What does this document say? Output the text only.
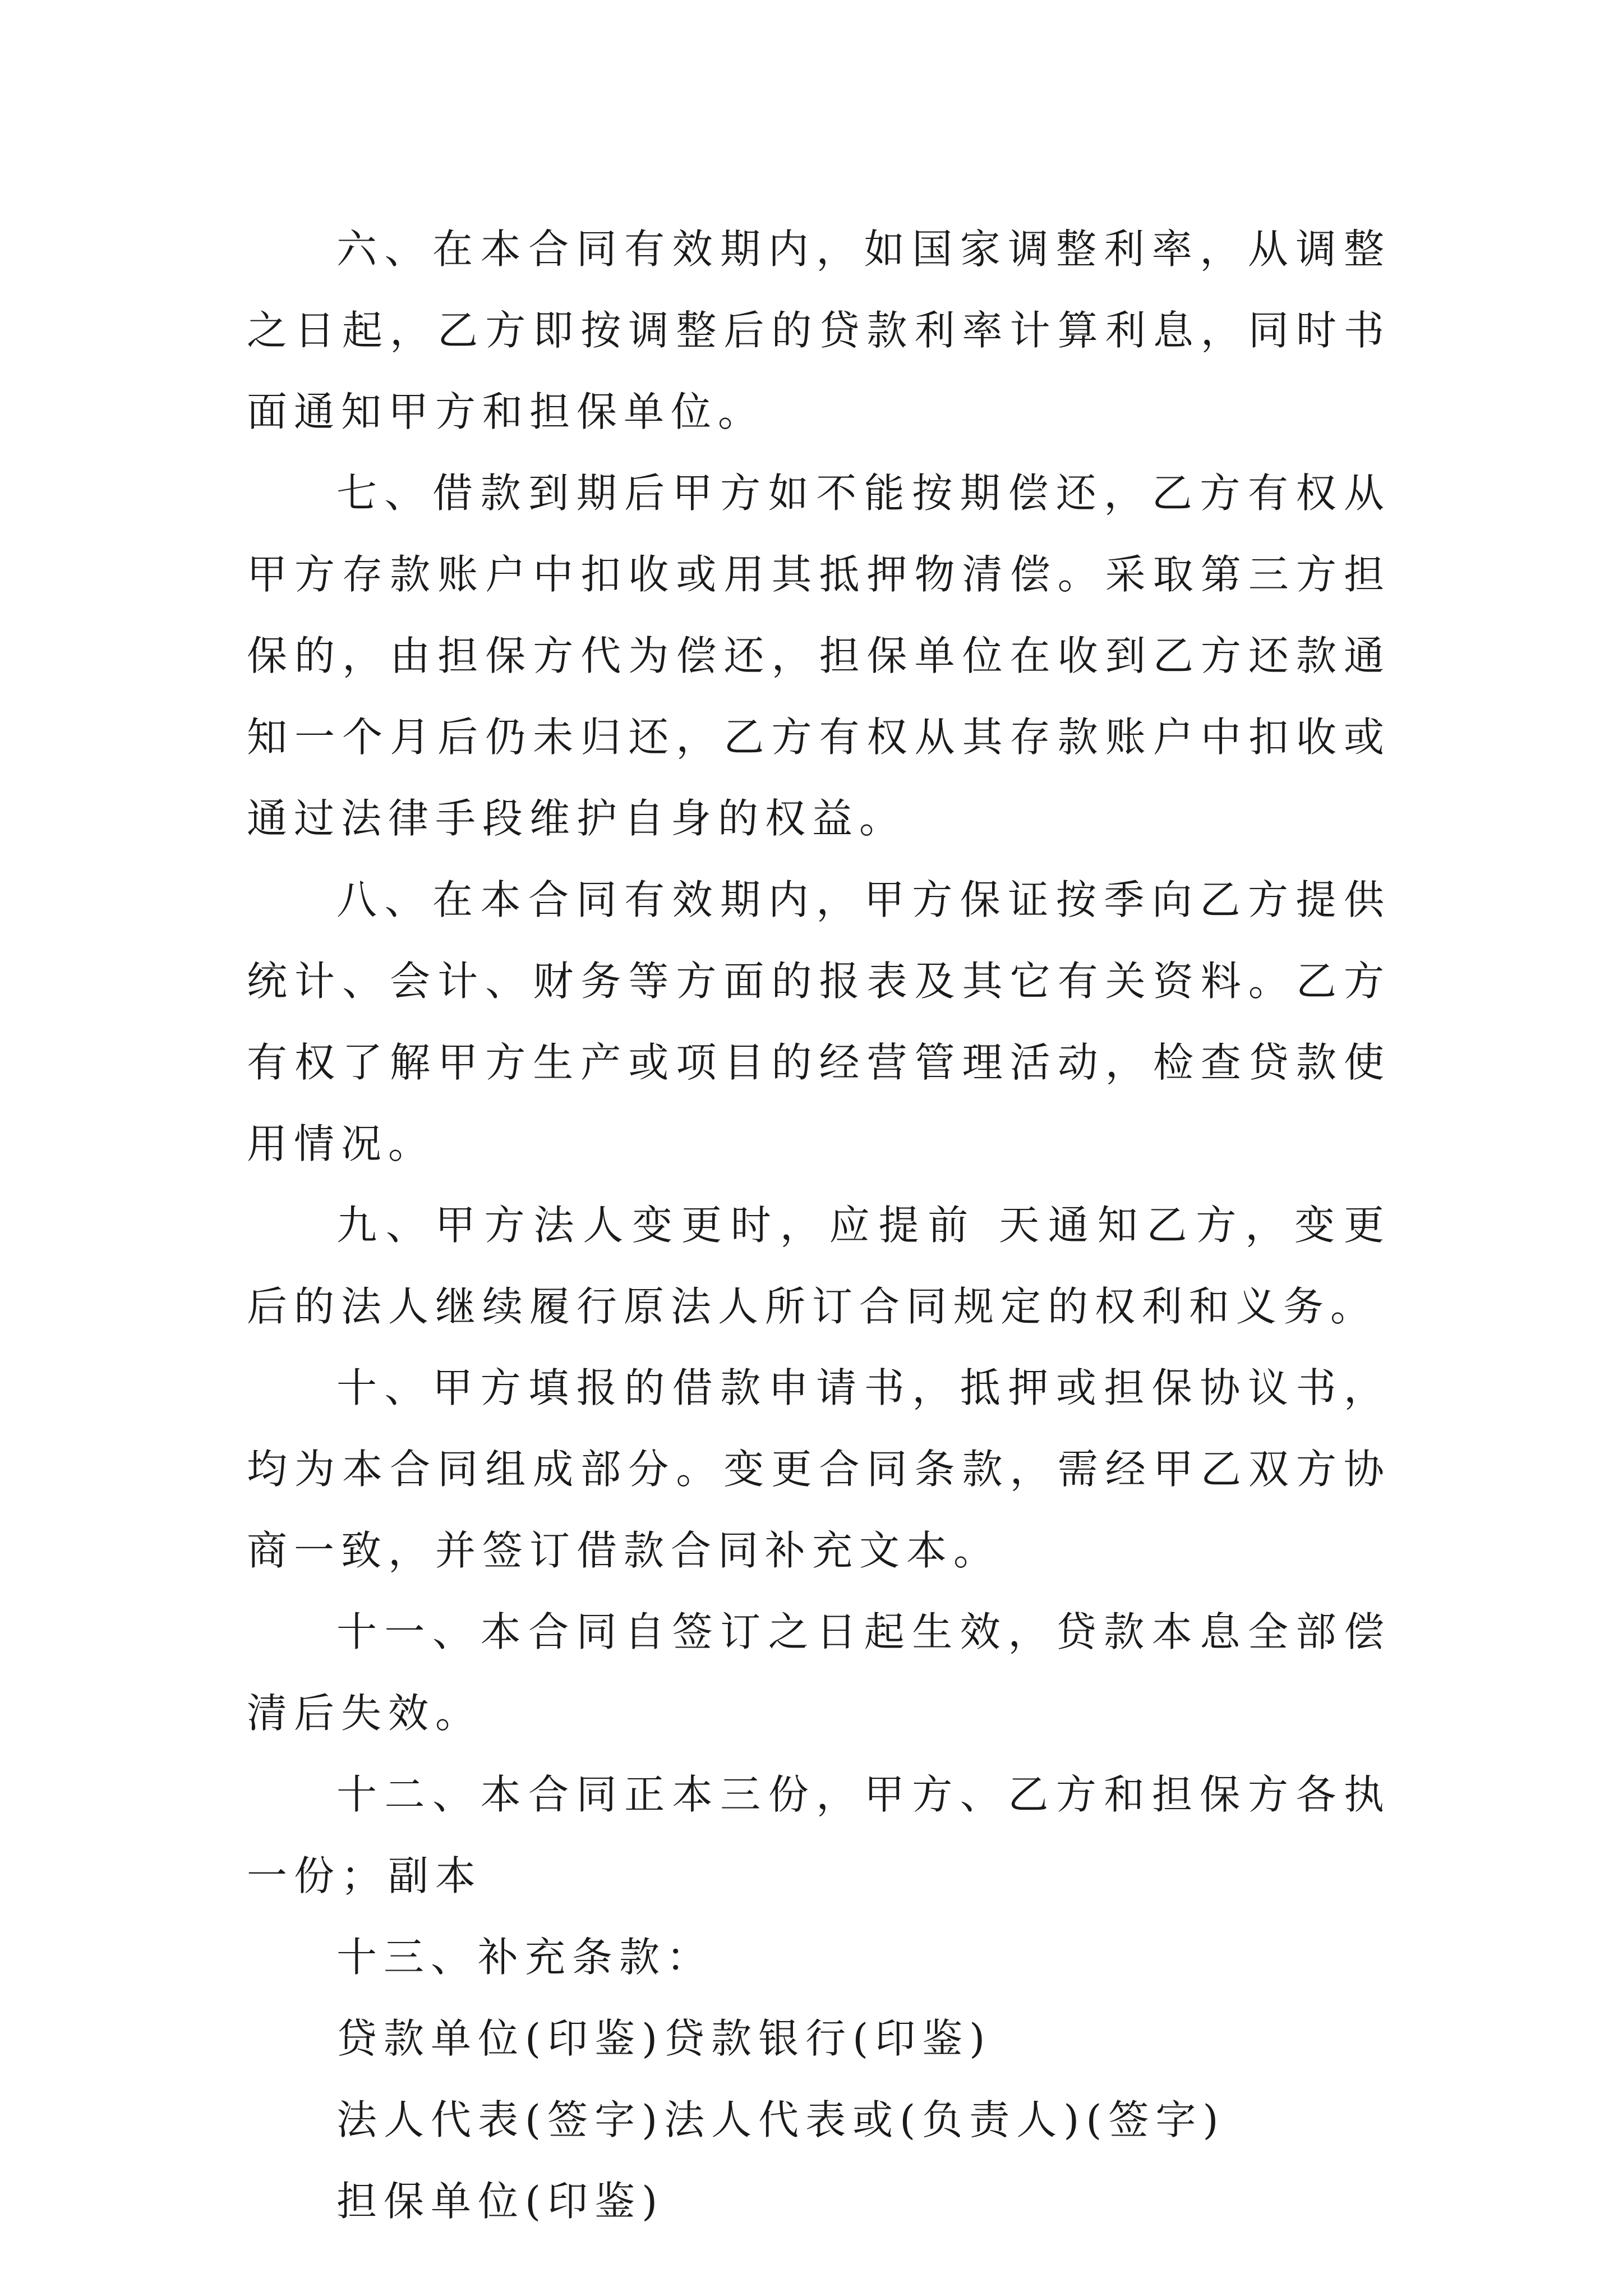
六、在本合同有效期内，如国家调整利率，从调整之日起，乙方即按调整后的贷款利率计算利息，同时书面通知甲方和担保单位。

七、借款到期后甲方如不能按期偿还，乙方有权从甲方存款账户中扣收或用其抵押物清偿。采取第三方担保的，由担保方代为偿还，担保单位在收到乙方还款通知一个月后仍未归还，乙方有权从其存款账户中扣收或通过法律手段维护自身的权益。

八、在本合同有效期内，甲方保证按季向乙方提供统计、会计、财务等方面的报表及其它有关资料。乙方有权了解甲方生产或项目的经营管理活动，检查贷款使用情况。

九、甲方法人变更时，应提前 天通知乙方，变更后的法人继续履行原法人所订合同规定的权利和义务。

十、甲方填报的借款申请书，抵押或担保协议书，均为本合同组成部分。变更合同条款，需经甲乙双方协商一致，并签订借款合同补充文本。

十一、本合同自签订之日起生效，贷款本息全部偿清后失效。

十二、本合同正本三份，甲方、乙方和担保方各执一份；副本

十三、补充条款：

贷款单位(印鉴)贷款银行(印鉴)

法人代表(签字)法人代表或(负责人)(签字)

担保单位(印鉴)
